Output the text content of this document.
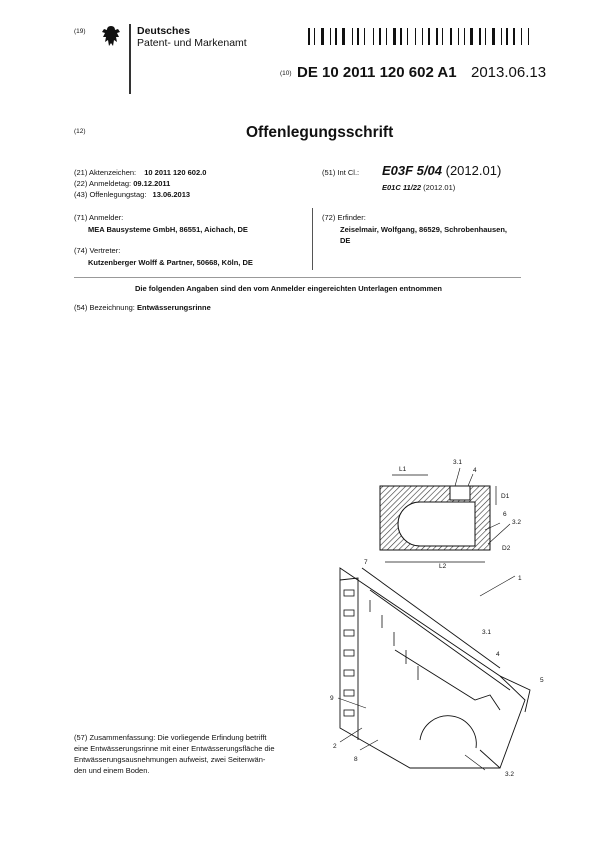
(19)	Deutsches
Patent- und Markenamt
(10) DE 10 2011 120 602 A1 2013.06.13
(12)	Offenlegungsschrift
(21) Aktenzeichen: 10 2011 120 602.0
(22) Anmeldetag: 09.12.2011
(43) Offenlegungstag: 13.06.2013
(51) Int Cl.: E03F 5/04 (2012.01)
E01C 11/22 (2012.01)
(71) Anmelder:
MEA Bausysteme GmbH, 86551, Aichach, DE
(74) Vertreter:
Kutzenberger Wolff & Partner, 50668, Köln, DE
(72) Erfinder:
Zeiselmair, Wolfgang, 86529, Schrobenhausen,
DE
Die folgenden Angaben sind den vom Anmelder eingereichten Unterlagen entnommen
(54) Bezeichnung: Entwässerungsrinne
(57) Zusammenfassung: Die vorliegende Erfindung betrifft
eine Entwässerungsrinne mit einer Entwässerungsfläche die
Entwässerungsausnehmungen aufweist, zwei Seitenwän-
den und einem Boden.
L1
3.1
4
D1
6
3.2
D2
L2
1
7
3.1
4
5
9
2
8
3.2
